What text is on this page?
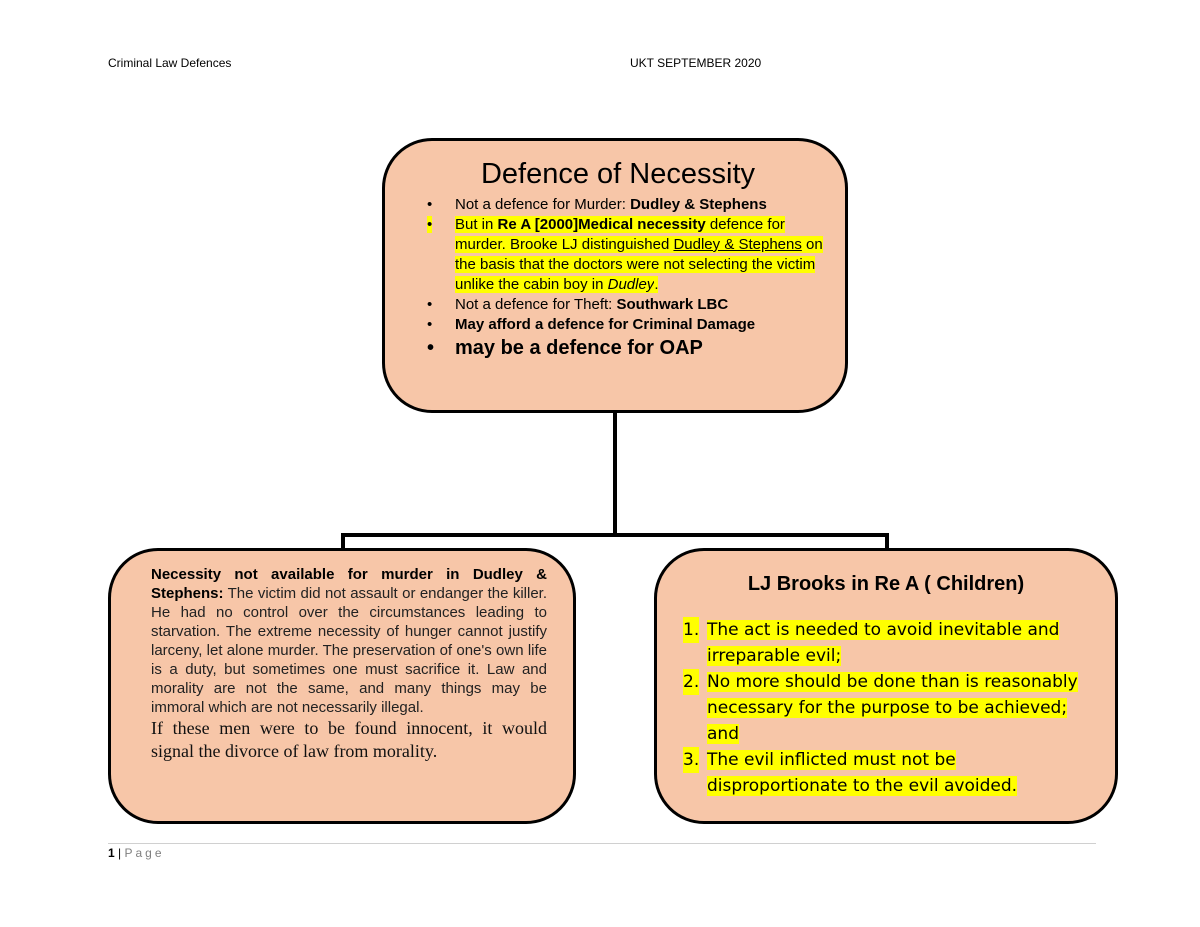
Criminal Law Defences	UKT SEPTEMBER 2020
Defence of Necessity
• Not a defence for Murder: Dudley & Stephens
• But in Re A [2000]Medical necessity defence for murder. Brooke LJ distinguished Dudley & Stephens on the basis that the doctors were not selecting the victim unlike the cabin boy in Dudley.
• Not a defence for Theft: Southwark LBC
• May afford a defence for Criminal Damage
• may be a defence for OAP
Necessity not available for murder in Dudley & Stephens: The victim did not assault or endanger the killer. He had no control over the circumstances leading to starvation. The extreme necessity of hunger cannot justify larceny, let alone murder. The preservation of one's own life is a duty, but sometimes one must sacrifice it. Law and morality are not the same, and many things may be immoral which are not necessarily illegal.
If these men were to be found innocent, it would signal the divorce of law from morality.
LJ Brooks in Re A ( Children)
1. The act is needed to avoid inevitable and irreparable evil;
2. No more should be done than is reasonably necessary for the purpose to be achieved; and
3. The evil inflicted must not be disproportionate to the evil avoided.
1 | Page
